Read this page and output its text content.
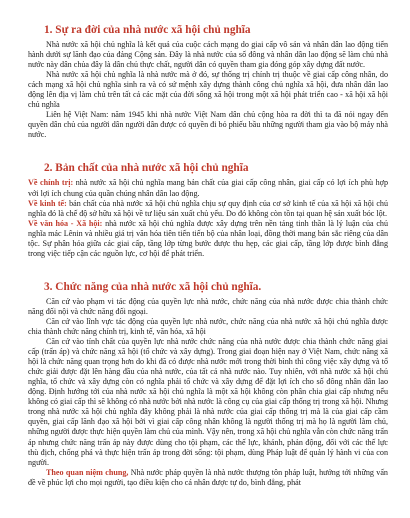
1. Sự ra đời của nhà nước xã hội chủ nghĩa

Nhà nước xã hội chủ nghĩa là kết quả của cuộc cách mạng do giai cấp vô sản và nhân dân lao động tiến hành dưới sự lãnh đạo của đảng Cộng sản. Đây là nhà nước của số đông và nhân dân lao động sẽ làm chủ nhà nước này dân chủa đây là dân chủ thực chất, người dân có quyền tham gia đóng góp xây dựng đất nước.

Nhà nước xã hội chủ nghĩa là nhà nước mà ở đó, sự thống trị chính trị thuộc về giai cấp công nhân, do cách mạng xã hội chủ nghĩa sinh ra và có sứ mệnh xây dựng thành công chủ nghĩa xã hội, đưa nhân dân lao động lên địa vị làm chủ trên tất cả các mặt của đời sống xã hội trong một xã hội phát triển cao - xã hội xã hội chủ nghĩa

Liên hệ Việt Nam: năm 1945 khi nhà nước Việt Nam dân chủ cộng hòa ra đời thì ta đã nói ngay đến quyền dân chủ của người dân người dân được có quyền đi bỏ phiếu bầu những người tham gia vào bộ máy nhà nước.

2. Bản chất của nhà nước xã hội chủ nghĩa

Về chính trị: nhà nước xã hội chủ nghĩa mang bản chất của giai cấp công nhân, giai cấp có lợi ích phù hợp với lợi ích chung của quần chúng nhân dân lao động.

Về kinh tế: bản chất của nhà nước xã hội chủ nghĩa chịu sự quy định của cơ sở kinh tế của xã hội xã hội chủ nghĩa đó là chế độ sở hữu xã hội về tư liệu sản xuất chủ yếu. Do đó không còn tồn tại quan hệ sản xuất bóc lột.

Về văn hóa - Xã hội: nhà nước xã hội chủ nghĩa được xây dựng trên nền tảng tinh thần là lý luận của chủ nghĩa mác Lênin và nhiều giá trị văn hóa tiên tiến tiến bộ của nhân loại, đồng thời mang bản sắc riêng của dân tộc. Sự phân hóa giữa các giai cấp, tầng lớp từng bước được thu hẹp, các giai cấp, tầng lớp được bình đẳng trong việc tiếp cận các nguồn lực, cơ hội để phát triển.

3. Chức năng của nhà nước xã hội chủ nghĩa.

Căn cứ vào phạm vi tác động của quyền lực nhà nước, chức năng của nhà nước được chia thành chức năng đối nội và chức năng đối ngoại.

Căn cứ vào lĩnh vực tác động của quyền lực nhà nước, chức năng của nhà nước xã hội chủ nghĩa được chia thành chức năng chính trị, kinh tế, văn hóa, xã hội

Căn cứ vào tính chất của quyền lực nhà nước chức năng của nhà nước được chia thành chức năng giai cấp (trấn áp) và chức năng xã hội (tổ chức và xây dựng). Trong giai đoạn hiện nay ở Việt Nam, chức năng xã hội là chức năng quan trọng hơn do khi đã có được nhà nước mới trong thời bình thì công việc xây dựng và tổ chức giải được đặt lên hàng đầu của nhà nước, của tất cả nhà nước nào. Tuy nhiên, với nhà nước xã hội chủ nghĩa, tổ chức và xây dựng còn có nghĩa phải tổ chức và xây dựng để đặt lợi ích cho số đông nhân dân lao động. Định hướng tới của nhà nước xã hội chủ nghĩa là một xã hội không còn phân chia giai cấp nhưng nếu không có giai cấp thì sẽ không có nhà nước bởi nhà nước là công cụ của giai cấp thống trị trong xã hội. Nhưng trong nhà nước xã hội chủ nghĩa đây không phải là nhà nước của giai cấp thống trị mà là của giai cấp cầm quyền, giai cấp lãnh đạo xã hội bởi vì giai cấp công nhân không là người thống trị mà họ là người làm chủ, những người được thực hiện quyền làm chủ của mình. Vậy nên, trong xã hội chủ nghĩa vẫn còn chức năng trấn áp nhưng chức năng trấn áp này được dùng cho tội phạm, các thế lực, khánh, phản động, đối với các thế lực thù địch, chống phá và thực hiện trấn áp trong đời sống: tội phạm, dùng Pháp luật để quản lý hành vi của con người.

Theo quan niệm chung, Nhà nước pháp quyền là nhà nước thượng tôn pháp luật, hướng tới những vấn đề về phúc lợi cho mọi người, tạo điều kiện cho cá nhân được tự do, bình đẳng, phát
